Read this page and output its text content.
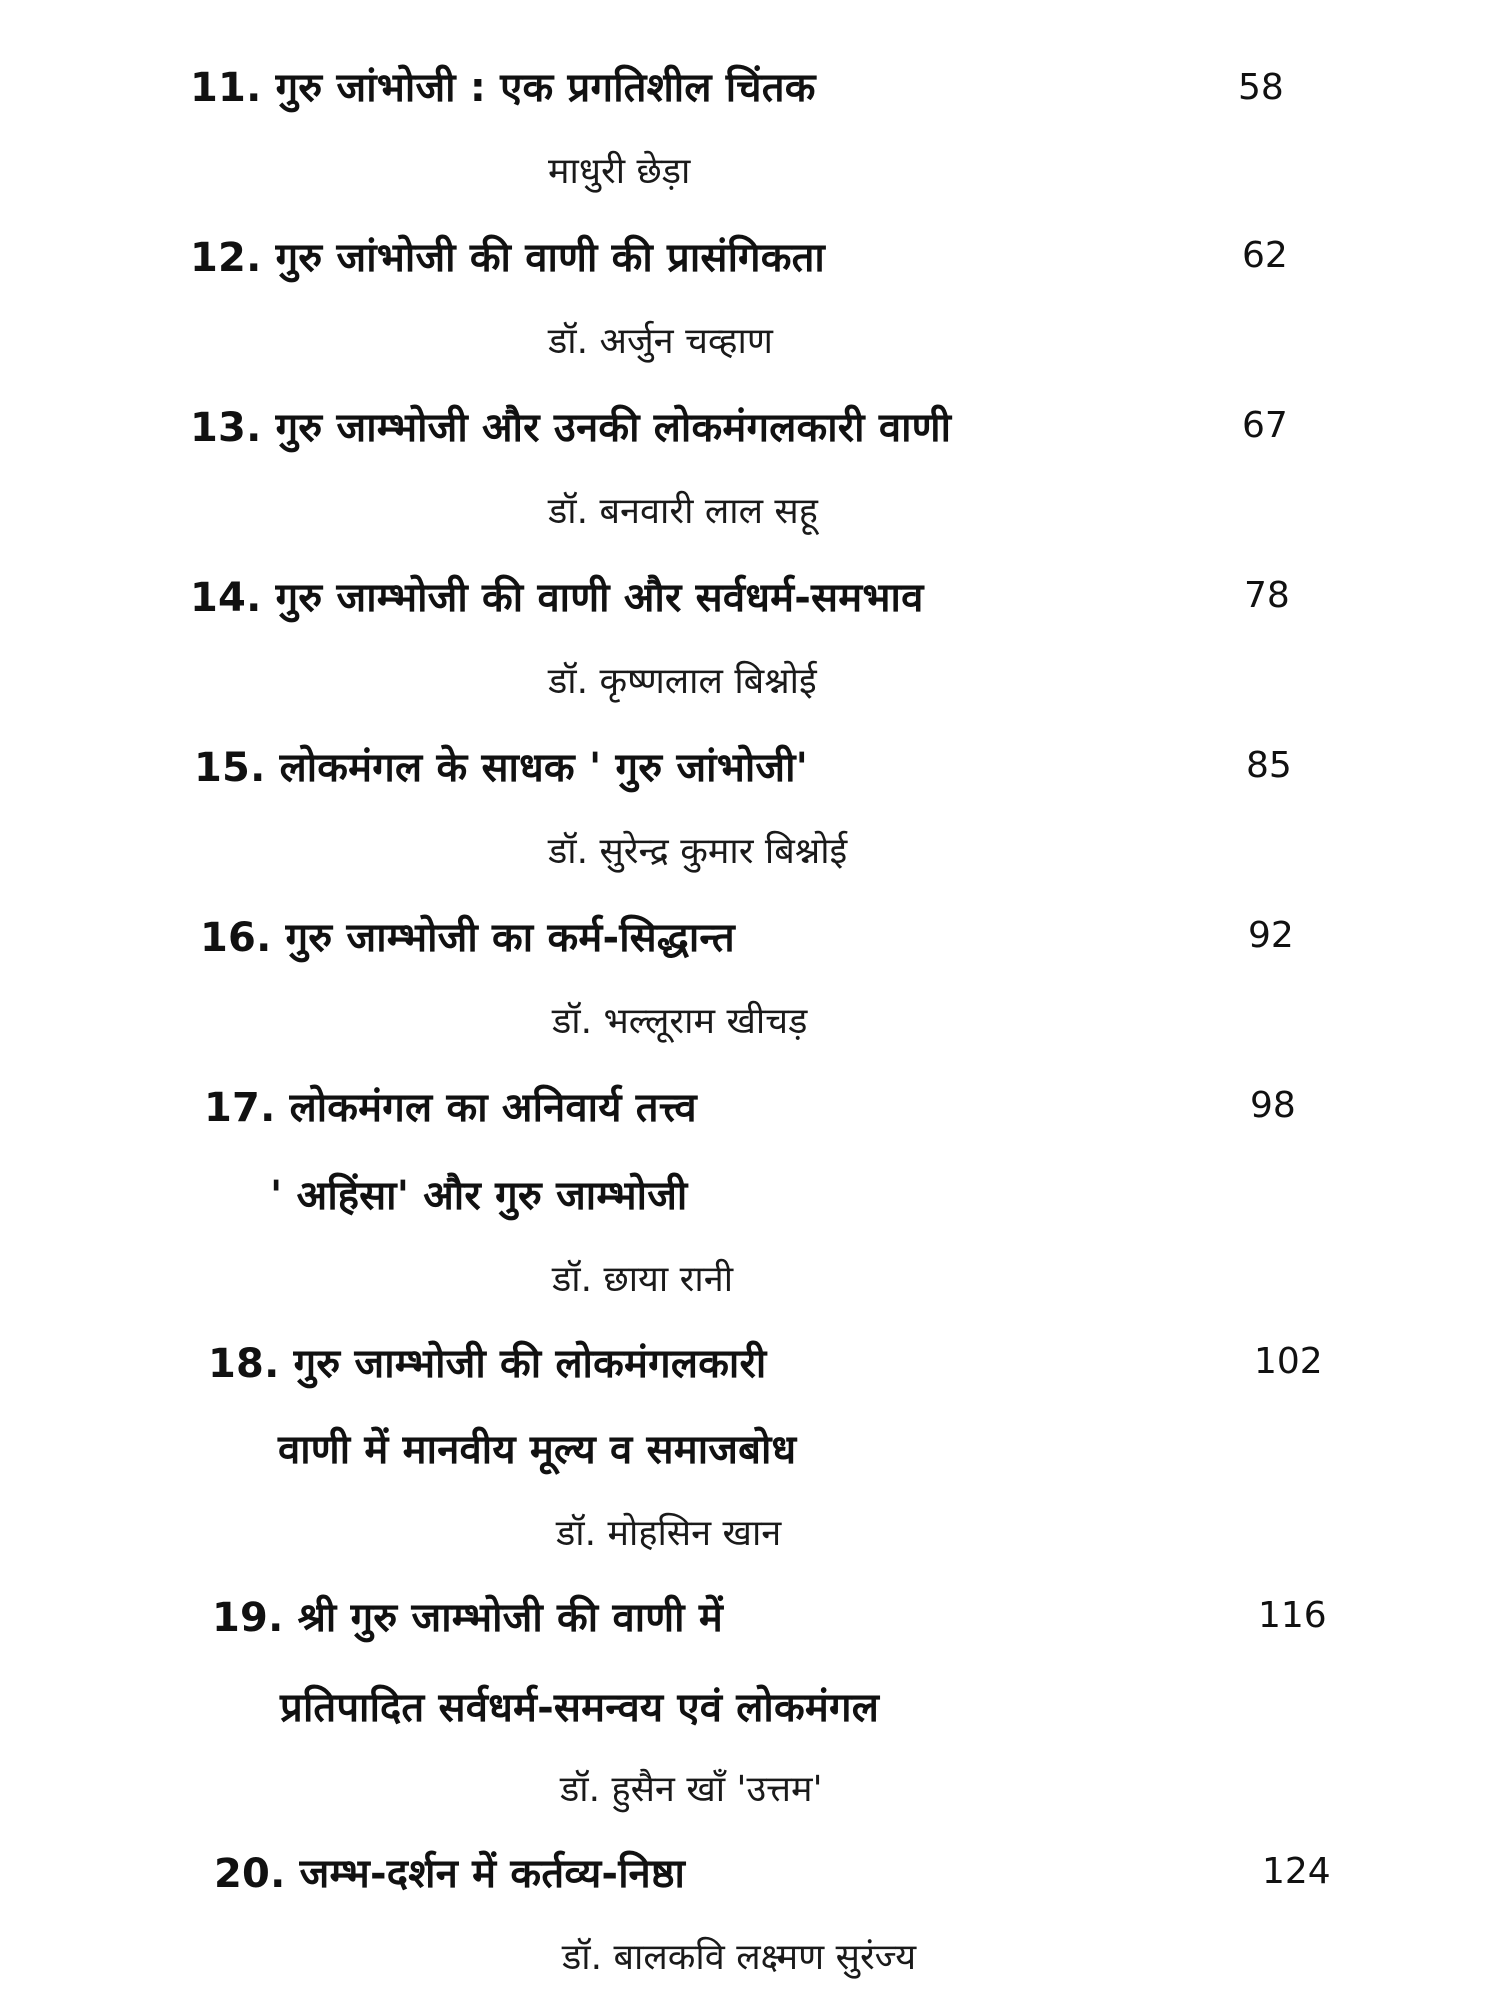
11. गुरु जांभोजी : एक प्रगतिशील चिंतक	58
माधुरी छेड़ा
12. गुरु जांभोजी की वाणी की प्रासंगिकता	62
डॉ. अर्जुन चव्हाण
13. गुरु जाम्भोजी और उनकी लोकमंगलकारी वाणी	67
डॉ. बनवारी लाल सहू
14. गुरु जाम्भोजी की वाणी और सर्वधर्म-समभाव	78
डॉ. कृष्णलाल बिश्नोई
15. लोकमंगल के साधक ' गुरु जांभोजी'	85
डॉ. सुरेन्द्र कुमार बिश्नोई
16. गुरु जाम्भोजी का कर्म-सिद्धान्त	92
डॉ. भल्लूराम खीचड़
17. लोकमंगल का अनिवार्य तत्त्व	98
' अहिंसा' और गुरु जाम्भोजी
डॉ. छाया रानी
18. गुरु जाम्भोजी की लोकमंगलकारी	102
वाणी में मानवीय मूल्य व समाजबोध
डॉ. मोहसिन खान
19. श्री गुरु जाम्भोजी की वाणी में	116
प्रतिपादित सर्वधर्म-समन्वय एवं लोकमंगल
डॉ. हुसैन खाँ 'उत्तम'
20. जम्भ-दर्शन में कर्तव्य-निष्ठा	124
डॉ. बालकवि लक्ष्मण सुरंज्य
